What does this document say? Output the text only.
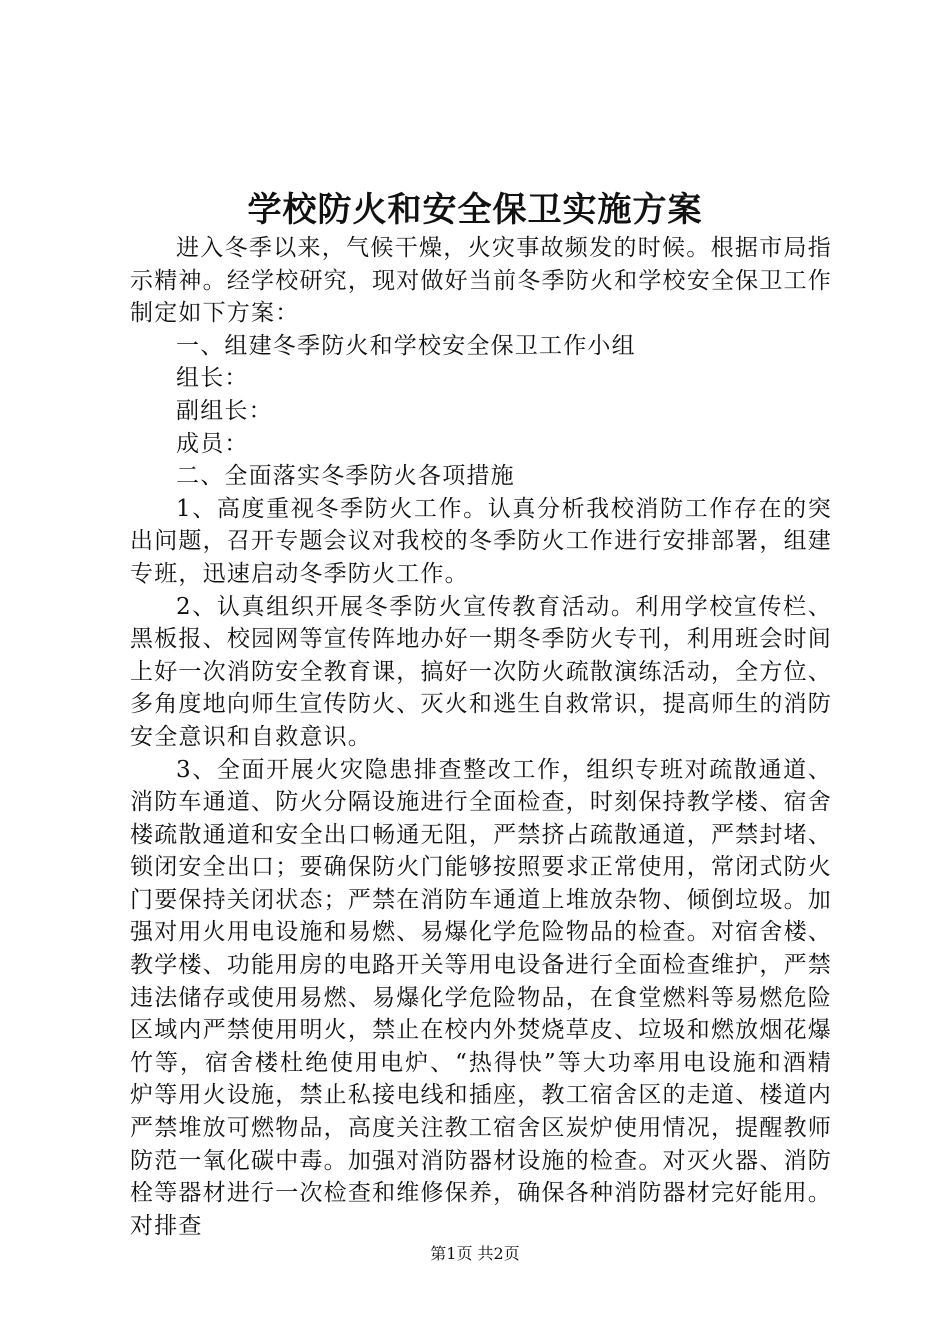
学校防火和安全保卫实施方案

进入冬季以来，气候干燥，火灾事故频发的时候。根据市局指示精神。经学校研究，现对做好当前冬季防火和学校安全保卫工作制定如下方案：

一、组建冬季防火和学校安全保卫工作小组

组长：

副组长：

成员：

二、全面落实冬季防火各项措施

1、高度重视冬季防火工作。认真分析我校消防工作存在的突出问题，召开专题会议对我校的冬季防火工作进行安排部署，组建专班，迅速启动冬季防火工作。

2、认真组织开展冬季防火宣传教育活动。利用学校宣传栏、黑板报、校园网等宣传阵地办好一期冬季防火专刊，利用班会时间上好一次消防安全教育课，搞好一次防火疏散演练活动，全方位、多角度地向师生宣传防火、灭火和逃生自救常识，提高师生的消防安全意识和自救意识。

3、全面开展火灾隐患排查整改工作，组织专班对疏散通道、消防车通道、防火分隔设施进行全面检查，时刻保持教学楼、宿舍楼疏散通道和安全出口畅通无阻，严禁挤占疏散通道，严禁封堵、锁闭安全出口；要确保防火门能够按照要求正常使用，常闭式防火门要保持关闭状态；严禁在消防车通道上堆放杂物、倾倒垃圾。加强对用火用电设施和易燃、易爆化学危险物品的检查。对宿舍楼、教学楼、功能用房的电路开关等用电设备进行全面检查维护，严禁违法储存或使用易燃、易爆化学危险物品，在食堂燃料等易燃危险区域内严禁使用明火，禁止在校内外焚烧草皮、垃圾和燃放烟花爆竹等，宿舍楼杜绝使用电炉、“热得快”等大功率用电设施和酒精炉等用火设施，禁止私接电线和插座，教工宿舍区的走道、楼道内严禁堆放可燃物品，高度关注教工宿舍区炭炉使用情况，提醒教师防范一氧化碳中毒。加强对消防器材设施的检查。对灭火器、消防栓等器材进行一次检查和维修保养，确保各种消防器材完好能用。对排查

第1页 共2页
